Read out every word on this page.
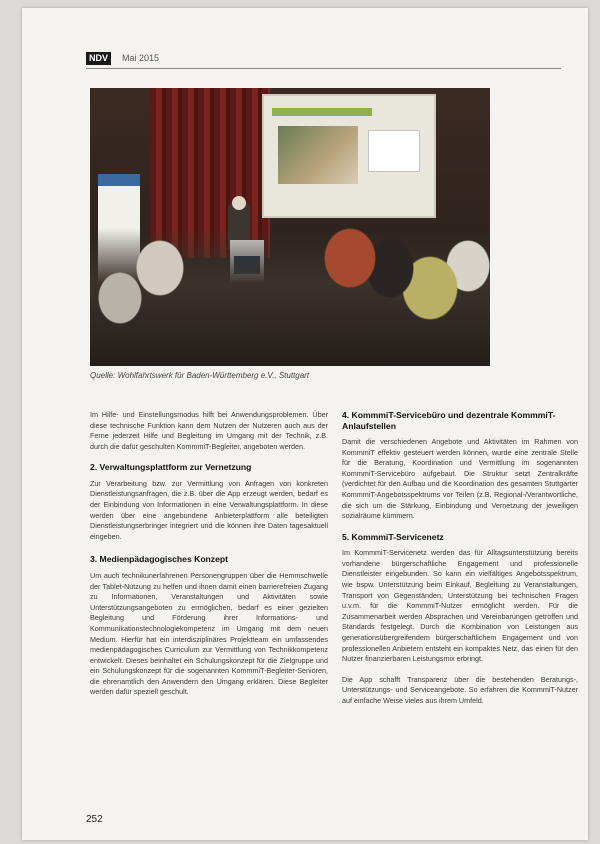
NDV	Mai 2015
Quelle: Wohlfahrtswerk für Baden-Württemberg e.V., Stuttgart

Im Hilfe- und Einstellungsmodus hilft bei Anwendungsproblemen. Über diese technische Funktion kann dem Nutzen der Nutzeren auch aus der Ferne jederzeit Hilfe und Begleitung im Umgang mit der Technik, z.B. durch die dafür geschulten KommmiT-Begleiter, angeboten werden.

2. Verwaltungsplattform zur Vernetzung

Zur Verarbeitung bzw. zur Vermittlung von Anfragen von konkreten Dienstleistungsanfragen, die z.B. über die App erzeugt werden, bedarf es der Einbindung von Informationen in eine Verwaltungsplattform. In diese werden über eine angebundene Anbieterplattform alle beteiligten Dienstleistungserbringer integriert und die können ihre Daten tagesaktuell eingeben.

3. Medienpädagogisches Konzept

Um auch technikunerfahrenen Personengruppen über die Hemmschwelle der Tablet-Nutzung zu helfen und ihnen damit einen barrierefreien Zugang zu Informationen, Veranstaltungen und Aktivitäten sowie Unterstützungsangeboten zu ermöglichen, bedarf es einer gezielten Begleitung und Förderung ihrer Informations- und Kommunikationstechnologiekompetenz im Umgang mit dem neuen Medium. Hierfür hat ein interdisziplinäres Projektteam ein umfassendes medienpädagogisches Curriculum zur Vermittlung von Technikkompetenz entwickelt. Dieses beinhaltet ein Schulungskonzept für die Zielgruppe und ein Schulungskonzept für die sogenannten KommmiT-Begleiter-Senioren, die ehrenamtlich den Anwendern den Umgang erklären. Diese Begleiter werden dafür speziell geschult.

4. KommmiT-Servicebüro und dezentrale KommmiT-Anlaufstellen

Damit die verschiedenen Angebote und Aktivitäten im Rahmen von KommmiT effektiv gesteuert werden können, wurde eine zentrale Stelle für die Beratung, Koordination und Vermittlung im sogenannten KommmiT-Servicebüro aufgebaut. Die Struktur setzt Zentralkräfte (verdichtet für den Aufbau und die Koordination des gesamten Stuttgarter KommmiT-Angebotsspektrums vor Teilen (z.B. Regional-/Verantwortliche, die sich um die Stärkung, Einbindung und Vernetzung der jeweiligen sozialräume kümmern.

5. KommmiT-Servicenetz

Im KommmiT-Servicenetz werden das für Alltagsunterstützung bereits vorhandene bürgerschaftliche Engagement und professionelle Dienstleister eingebunden. So kann ein vielfältiges Angebotsspektrum, wie bspw. Unterstützung beim Einkauf, Begleitung zu Veranstaltungen, Transport von Gegenständen, Unterstützung bei technischen Fragen u.v.m. für die KommmiT-Nutzer ermöglicht werden. Für die Zusammenarbeit werden Absprachen und Vereinbarungen getroffen und Standards festgelegt. Durch die Kombination von Leistungen aus generationsübergreifendem bürgerschaftlichem Engagement und von professionellen Anbietern entsteht ein kompaktes Netz, das einen für den Nutzer finanzierbaren Leistungsmix erbringt.

Die App schafft Transparenz über die bestehenden Beratungs-, Unterstützungs- und Serviceangebote. So erfahren die KommmiT-Nutzer auf einfache Weise vieles aus ihrem Umfeld.

252
